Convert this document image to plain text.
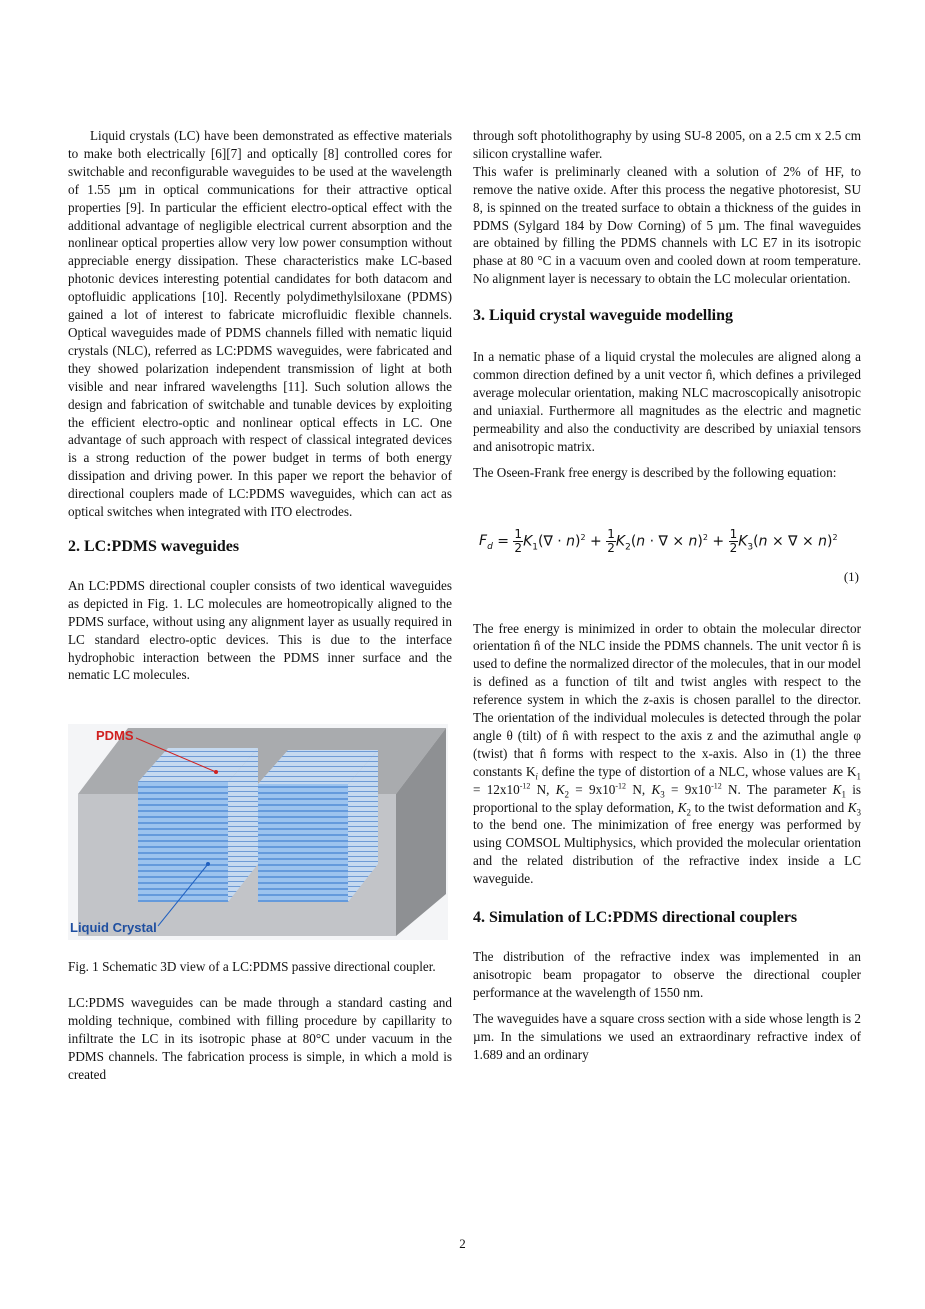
Liquid crystals (LC) have been demonstrated as effective materials to make both electrically [6][7] and optically [8] controlled cores for switchable and reconfigurable waveguides to be used at the wavelength of 1.55 µm in optical communications for their attractive optical properties [9]. In particular the efficient electro-optical effect with the additional advantage of negligible electrical current absorption and the nonlinear optical properties allow very low power consumption without appreciable energy dissipation. These characteristics make LC-based photonic devices interesting potential candidates for both datacom and optofluidic applications [10]. Recently polydimethylsiloxane (PDMS) gained a lot of interest to fabricate microfluidic flexible channels. Optical waveguides made of PDMS channels filled with nematic liquid crystals (NLC), referred as LC:PDMS waveguides, were fabricated and they showed polarization independent transmission of light at both visible and near infrared wavelengths [11]. Such solution allows the design and fabrication of switchable and tunable devices by exploiting the efficient electro-optic and nonlinear optical effects in LC. One advantage of such approach with respect of classical integrated devices is a strong reduction of the power budget in terms of both energy dissipation and driving power. In this paper we report the behavior of directional couplers made of LC:PDMS waveguides, which can act as optical switches when integrated with ITO electrodes.

2. LC:PDMS waveguides

An LC:PDMS directional coupler consists of two identical waveguides as depicted in Fig. 1. LC molecules are homeotropically aligned to the PDMS surface, without using any alignment layer as usually required in LC standard electro-optic devices. This is due to the interface hydrophobic interaction between the PDMS inner surface and the nematic LC molecules.

PDMS
Liquid Crystal

Fig. 1 Schematic 3D view of a LC:PDMS passive directional coupler.

LC:PDMS waveguides can be made through a standard casting and molding technique, combined with filling procedure by capillarity to infiltrate the LC in its isotropic phase at 80°C under vacuum in the PDMS channels. The fabrication process is simple, in which a mold is created

through soft photolithography by using SU-8 2005, on a 2.5 cm x 2.5 cm silicon crystalline wafer.

This wafer is preliminarly cleaned with a solution of 2% of HF, to remove the native oxide. After this process the negative photoresist, SU 8, is spinned on the treated surface to obtain a thickness of the guides in PDMS (Sylgard 184 by Dow Corning) of 5 µm. The final waveguides are obtained by filling the PDMS channels with LC E7 in its isotropic phase at 80 °C in a vacuum oven and cooled down at room temperature. No alignment layer is necessary to obtain the LC molecular orientation.

3. Liquid crystal waveguide modelling

In a nematic phase of a liquid crystal the molecules are aligned along a common direction defined by a unit vector n̂, which defines a privileged average molecular orientation, making NLC macroscopically anisotropic and uniaxial. Furthermore all magnitudes as the electric and magnetic permeability and also the conductivity are described by uniaxial tensors and anisotropic matrix.

The Oseen-Frank free energy is described by the following equation:

$F_d = \frac{1}{2} K_1(\nabla \cdot n)^2 + \frac{1}{2} K_2(n$ · ∇ × $n)^2 + \frac{1}{2} K_3(n$ × ∇ × n)$^2$
(1)

The free energy is minimized in order to obtain the molecular director orientation n̂ of the NLC inside the PDMS channels. The unit vector n̂ is used to define the normalized director of the molecules, that in our model is defined as a function of tilt and twist angles with respect to the reference system in which the z-axis is chosen parallel to the director. The orientation of the individual molecules is detected through the polar angle θ (tilt) of n̂ with respect to the axis z and the azimuthal angle φ (twist) that n̂ forms with respect to the x-axis. Also in (1) the three constants $K_i$ define the type of distortion of a NLC, whose values are $K_1 = 12x10^{-12}$ N, $K_2 = 9x10^{-12}$ N, $K_3 = 9x10^{-12}$ N. The parameter $K_1$ is proportional to the splay deformation, $K_2$ to the twist deformation and $K_3$ to the bend one. The minimization of free energy was performed by using COMSOL Multiphysics, which provided the molecular orientation and the related distribution of the refractive index inside a LC waveguide.

4. Simulation of LC:PDMS directional couplers

The distribution of the refractive index was implemented in an anisotropic beam propagator to observe the directional coupler performance at the wavelength of 1550 nm.

The waveguides have a square cross section with a side whose length is 2 µm. In the simulations we used an extraordinary refractive index of 1.689 and an ordinary

2
